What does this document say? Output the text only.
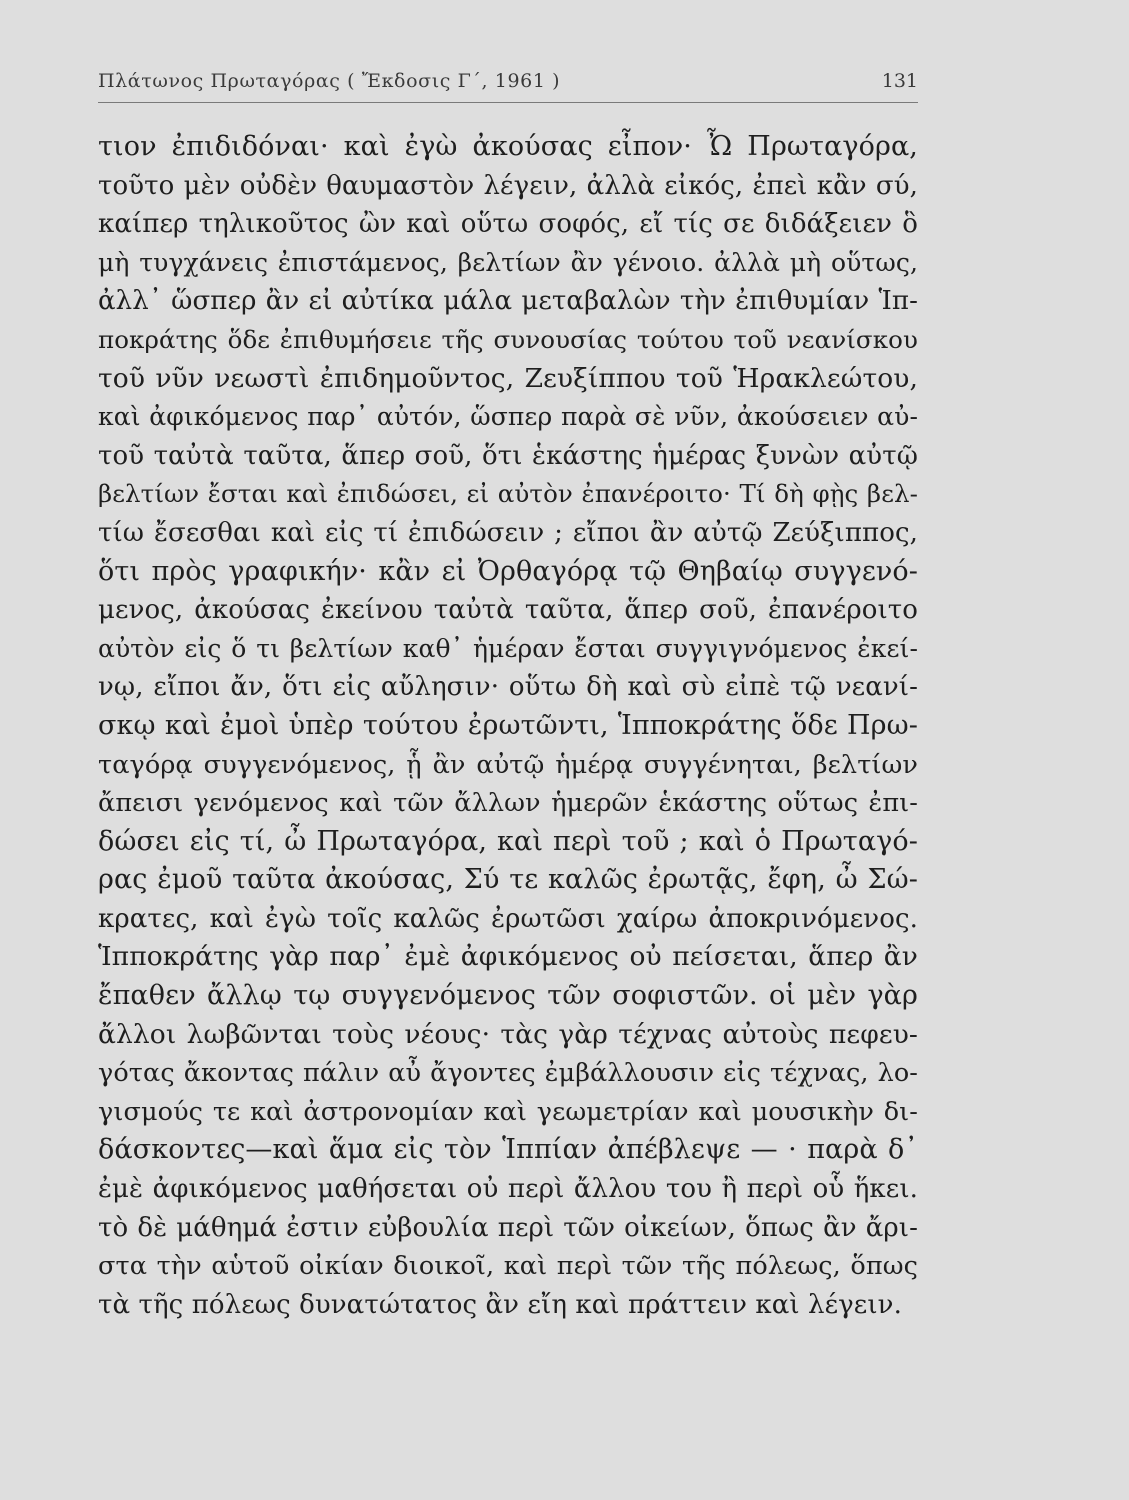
Πλάτωνος Πρωταγόρας ( Ἔκδοσις Γ΄, 1961 )	131
τιον ἐπιδιδόναι· καὶ ἐγὼ ἀκούσας εἶπον· Ὦ Πρωταγόρα,
τοῦτο μὲν οὐδὲν θαυμαστὸν λέγειν, ἀλλὰ εἰκός, ἐπεὶ κἂν σύ,
καίπερ τηλικοῦτος ὢν καὶ οὕτω σοφός, εἴ τίς σε διδάξειεν ὃ
μὴ τυγχάνεις ἐπιστάμενος, βελτίων ἂν γένοιο. ἀλλὰ μὴ οὕτως,
ἀλλ᾽ ὥσπερ ἂν εἰ αὐτίκα μάλα μεταβαλὼν τὴν ἐπιθυμίαν Ἱπ-
ποκράτης ὅδε ἐπιθυμήσειε τῆς συνουσίας τούτου τοῦ νεανίσκου
τοῦ νῦν νεωστὶ ἐπιδημοῦντος, Ζευξίππου τοῦ Ἡρακλεώτου,
καὶ ἀφικόμενος παρ᾽ αὐτόν, ὥσπερ παρὰ σὲ νῦν, ἀκούσειεν αὐ-
τοῦ ταὐτὰ ταῦτα, ἅπερ σοῦ, ὅτι ἑκάστης ἡμέρας ξυνὼν αὐτῷ
βελτίων ἔσται καὶ ἐπιδώσει, εἰ αὐτὸν ἐπανέροιτο· Τί δὴ φῂς βελ-
τίω ἔσεσθαι καὶ εἰς τί ἐπιδώσειν ; εἴποι ἂν αὐτῷ Ζεύξιππος,
ὅτι πρὸς γραφικήν· κἂν εἰ Ὀρθαγόρᾳ τῷ Θηβαίῳ συγγενό-
μενος, ἀκούσας ἐκείνου ταὐτὰ ταῦτα, ἅπερ σοῦ, ἐπανέροιτο
αὐτὸν εἰς ὅ τι βελτίων καθ᾽ ἡμέραν ἔσται συγγιγνόμενος ἐκεί-
νῳ, εἴποι ἄν, ὅτι εἰς αὔλησιν· οὕτω δὴ καὶ σὺ εἰπὲ τῷ νεανί-
σκῳ καὶ ἐμοὶ ὑπὲρ τούτου ἐρωτῶντι, Ἱπποκράτης ὅδε Πρω-
ταγόρᾳ συγγενόμενος, ᾗ ἂν αὐτῷ ἡμέρᾳ συγγένηται, βελτίων
ἄπεισι γενόμενος καὶ τῶν ἄλλων ἡμερῶν ἑκάστης οὕτως ἐπι-
δώσει εἰς τί, ὦ Πρωταγόρα, καὶ περὶ τοῦ ; καὶ ὁ Πρωταγό-
ρας ἐμοῦ ταῦτα ἀκούσας, Σύ τε καλῶς ἐρωτᾷς, ἔφη, ὦ Σώ-
κρατες, καὶ ἐγὼ τοῖς καλῶς ἐρωτῶσι χαίρω ἀποκρινόμενος.
Ἱπποκράτης γὰρ παρ᾽ ἐμὲ ἀφικόμενος οὐ πείσεται, ἅπερ ἂν
ἔπαθεν ἄλλῳ τῳ συγγενόμενος τῶν σοφιστῶν. οἱ μὲν γὰρ
ἄλλοι λωβῶνται τοὺς νέους· τὰς γὰρ τέχνας αὐτοὺς πεφευ-
γότας ἄκοντας πάλιν αὖ ἄγοντες ἐμβάλλουσιν εἰς τέχνας, λο-
γισμούς τε καὶ ἀστρονομίαν καὶ γεωμετρίαν καὶ μουσικὴν δι-
δάσκοντες—καὶ ἅμα εἰς τὸν Ἱππίαν ἀπέβλεψε — · παρὰ δ᾽
ἐμὲ ἀφικόμενος μαθήσεται οὐ περὶ ἄλλου του ἢ περὶ οὗ ἥκει.
τὸ δὲ μάθημά ἐστιν εὐβουλία περὶ τῶν οἰκείων, ὅπως ἂν ἄρι-
στα τὴν αὑτοῦ οἰκίαν διοικοῖ, καὶ περὶ τῶν τῆς πόλεως, ὅπως
τὰ τῆς πόλεως δυνατώτατος ἂν εἴη καὶ πράττειν καὶ λέγειν.
